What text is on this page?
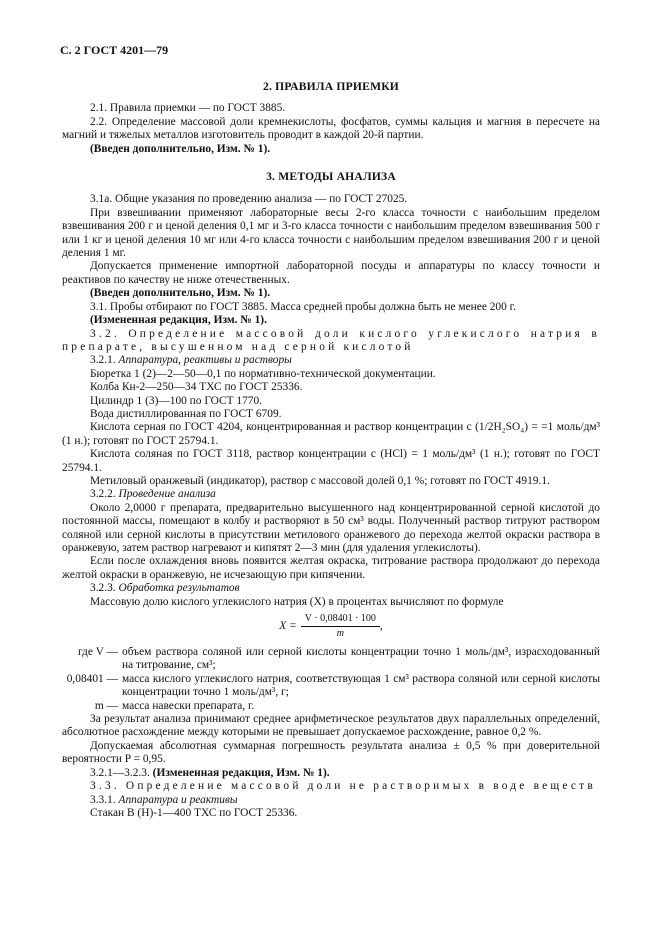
С. 2 ГОСТ 4201—79
2. ПРАВИЛА ПРИЕМКИ

2.1. Правила приемки — по ГОСТ 3885.

2.2. Определение массовой доли кремнекислоты, фосфатов, суммы кальция и магния в пересчете на магний и тяжелых металлов изготовитель проводит в каждой 20-й партии.

(Введен дополнительно, Изм. № 1).

3. МЕТОДЫ АНАЛИЗА

3.1а. Общие указания по проведению анализа — по ГОСТ 27025.

При взвешивании применяют лабораторные весы 2-го класса точности с наибольшим пределом взвешивания 200 г и ценой деления 0,1 мг и 3-го класса точности с наибольшим пределом взвешивания 500 г или 1 кг и ценой деления 10 мг или 4-го класса точности с наибольшим пределом взвешивания 200 г и ценой деления 1 мг.

Допускается применение импортной лабораторной посуды и аппаратуры по классу точности и реактивов по качеству не ниже отечественных.

(Введен дополнительно, Изм. № 1).

3.1. Пробы отбирают по ГОСТ 3885. Масса средней пробы должна быть не менее 200 г.

(Измененная редакция, Изм. № 1).

3.2. Определение массовой доли кислого углекислого натрия в препарате, высушенном над серной кислотой

3.2.1. Аппаратура, реактивы и растворы

Бюретка 1 (2)—2—50—0,1 по нормативно-технической документации.

Колба Кн-2—250—34 ТХС по ГОСТ 25336.

Цилиндр 1 (3)—100 по ГОСТ 1770.

Вода дистиллированная по ГОСТ 6709.

Кислота серная по ГОСТ 4204, концентрированная и раствор концентрации c (1/2H₂SO₄) = =1 моль/дм³ (1 н.); готовят по ГОСТ 25794.1.

Кислота соляная по ГОСТ 3118, раствор концентрации c (HCl) = 1 моль/дм³ (1 н.); готовят по ГОСТ 25794.1.

Метиловый оранжевый (индикатор), раствор с массовой долей 0,1 %; готовят по ГОСТ 4919.1.

3.2.2. Проведение анализа

Около 2,0000 г препарата, предварительно высушенного над концентрированной серной кислотой до постоянной массы, помещают в колбу и растворяют в 50 см³ воды. Полученный раствор титруют раствором соляной или серной кислоты в присутствии метилового оранжевого до перехода желтой окраски раствора в оранжевую, затем раствор нагревают и кипятят 2—3 мин (для удаления углекислоты).

Если после охлаждения вновь появится желтая окраска, титрование раствора продолжают до перехода желтой окраски в оранжевую, не исчезающую при кипячении.

3.2.3. Обработка результатов

Массовую долю кислого углекислого натрия (X) в процентах вычисляют по формуле

$X = \frac{V \cdot 0,08401 \cdot 100}{m}$ ,
где V — объем раствора соляной или серной кислоты концентрации точно 1 моль/дм³, израсходованный на титрование, см³;
0,08401 — масса кислого углекислого натрия, соответствующая 1 см³ раствора соляной или серной кислоты концентрации точно 1 моль/дм³, г;
m — масса навески препарата, г.

За результат анализа принимают среднее арифметическое результатов двух параллельных определений, абсолютное расхождение между которыми не превышает допускаемое расхождение, равное 0,2 %.

Допускаемая абсолютная суммарная погрешность результата анализа ± 0,5 % при доверительной вероятности P = 0,95.

3.2.1—3.2.3. (Измененная редакция, Изм. № 1).

3.3. Определение массовой доли не растворимых в воде веществ

3.3.1. Аппаратура и реактивы

Стакан В (Н)-1—400 ТХС по ГОСТ 25336.
